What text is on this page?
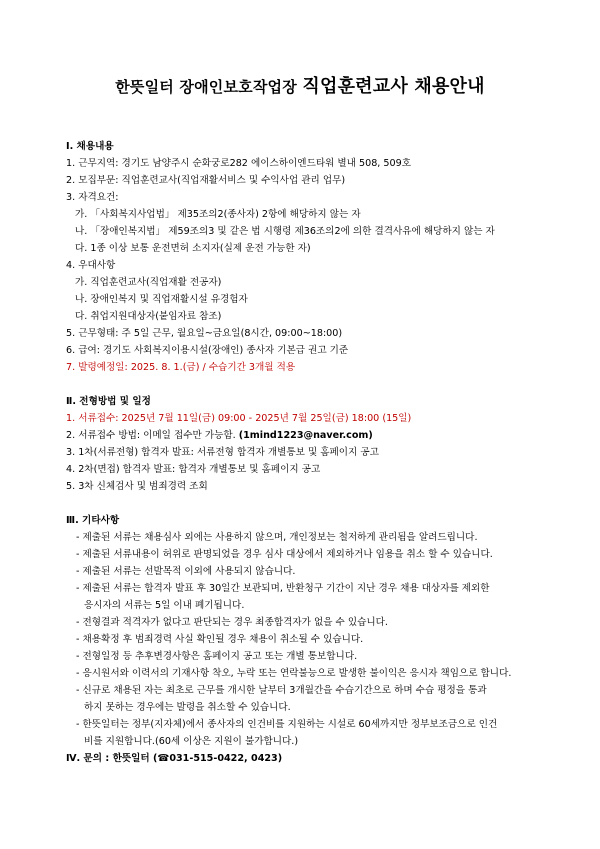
한뜻일터 장애인보호작업장 직업훈련교사 채용안내
Ⅰ. 채용내용
1. 근무지역: 경기도 남양주시 순화궁로282 에이스하이엔드타워 별내 508, 509호
2. 모집부문: 직업훈련교사(직업재활서비스 및 수익사업 관리 업무)
3. 자격요건:
가. 「사회복지사업법」 제35조의2(종사자) 2항에 해당하지 않는 자
나. 「장애인복지법」 제59조의3 및 같은 법 시행령 제36조의2에 의한 결격사유에 해당하지 않는 자
다. 1종 이상 보통 운전면허 소지자(실제 운전 가능한 자)
4. 우대사항
가. 직업훈련교사(직업재활 전공자)
나. 장애인복지 및 직업재활시설 유경험자
다. 취업지원대상자(붙임자료 참조)
5. 근무형태: 주 5일 근무, 월요일~금요일(8시간, 09:00~18:00)
6. 급여: 경기도 사회복지이용시설(장애인) 종사자 기본급 권고 기준
7. 발령예정일: 2025. 8. 1.(금) / 수습기간 3개월 적용
Ⅱ. 전형방법 및 일정
1. 서류접수: 2025년 7월 11일(금) 09:00 - 2025년 7월 25일(금) 18:00 (15일)
2. 서류접수 방법: 이메일 접수만 가능함. (1mind1223@naver.com)
3. 1차(서류전형) 합격자 발표: 서류전형 합격자 개별통보 및 홈페이지 공고
4. 2차(면접) 합격자 발표: 합격자 개별통보 및 홈페이지 공고
5. 3차 신체검사 및 범죄경력 조회
Ⅲ. 기타사항
- 제출된 서류는 채용심사 외에는 사용하지 않으며, 개인정보는 철저하게 관리됨을 알려드립니다.
- 제출된 서류내용이 허위로 판명되었을 경우 심사 대상에서 제외하거나 임용을 취소 할 수 있습니다.
- 제출된 서류는 선발목적 이외에 사용되지 않습니다.
- 제출된 서류는 합격자 발표 후 30일간 보관되며, 반환청구 기간이 지난 경우 채용 대상자를 제외한
응시자의 서류는 5일 이내 폐기됩니다.
- 전형결과 적격자가 없다고 판단되는 경우 최종합격자가 없을 수 있습니다.
- 채용확정 후 범죄경력 사실 확인될 경우 채용이 취소될 수 있습니다.
- 전형일정 등 추후변경사항은 홈페이지 공고 또는 개별 통보합니다.
- 응시원서와 이력서의 기재사항 착오, 누락 또는 연락불능으로 발생한 불이익은 응시자 책임으로 합니다.
- 신규로 채용된 자는 최초로 근무를 개시한 날부터 3개월간을 수습기간으로 하며 수습 평정을 통과
하지 못하는 경우에는 발령을 취소할 수 있습니다.
- 한뜻일터는 정부(지자체)에서 종사자의 인건비를 지원하는 시설로 60세까지만 정부보조금으로 인건
비를 지원합니다.(60세 이상은 지원이 불가합니다.)
Ⅳ. 문의 : 한뜻일터 (☎031-515-0422, 0423)
